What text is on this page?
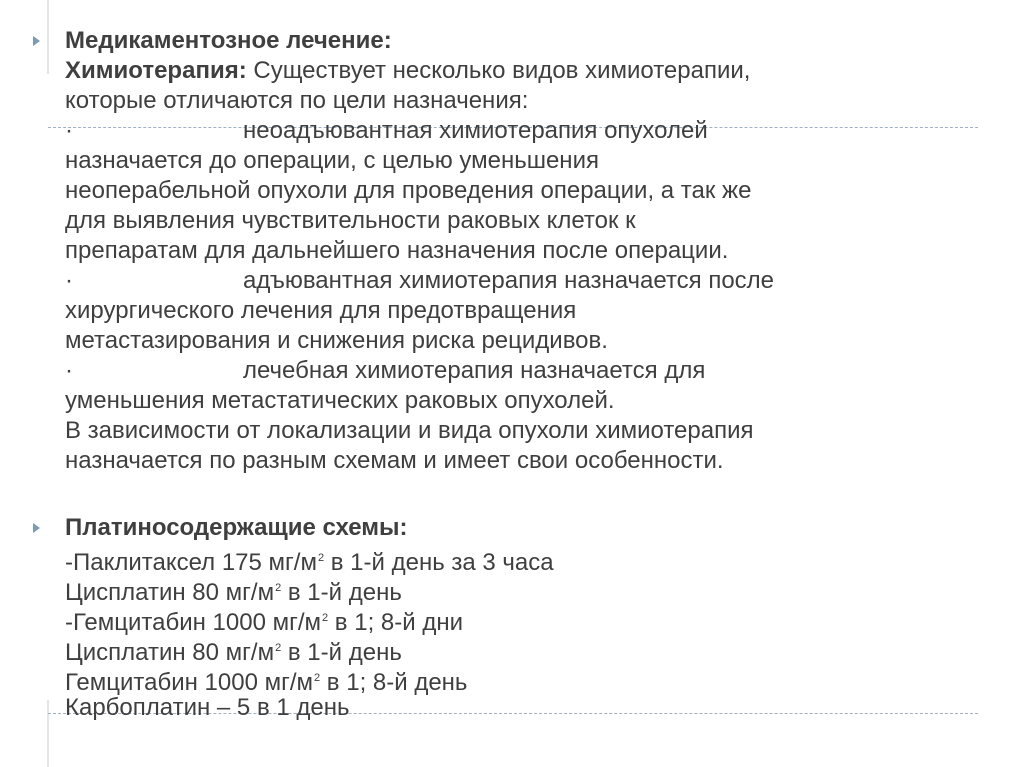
Медикаментозное лечение:
Химиотерапия: Существует несколько видов химиотерапии,
которые отличаются по цели назначения:
·	неоадъювантная химиотерапия опухолей
назначается до операции, с целью уменьшения
неоперабельной опухоли для проведения операции, а так же
для выявления чувствительности раковых клеток к
препаратам для дальнейшего назначения после операции.
·	адъювантная химиотерапия назначается после
хирургического лечения для предотвращения
метастазирования и снижения риска рецидивов.
·	лечебная химиотерапия назначается для
уменьшения метастатических раковых опухолей.
В зависимости от локализации и вида опухоли химиотерапия
назначается по разным схемам и имеет свои особенности.
Платиносодержащие схемы:
-Паклитаксел 175 $мг/м^2$ в 1-й день за 3 часа
Цисплатин 80 $мг/м^2$ в 1-й день
-Гемцитабин 1000 $мг/м^2$ в 1; 8-й дни
Цисплатин 80 $мг/м^2$ в 1-й день
Гемцитабин 1000 $мг/м^2$ в 1; 8-й день
Карбоплатин – 5 в 1 день
